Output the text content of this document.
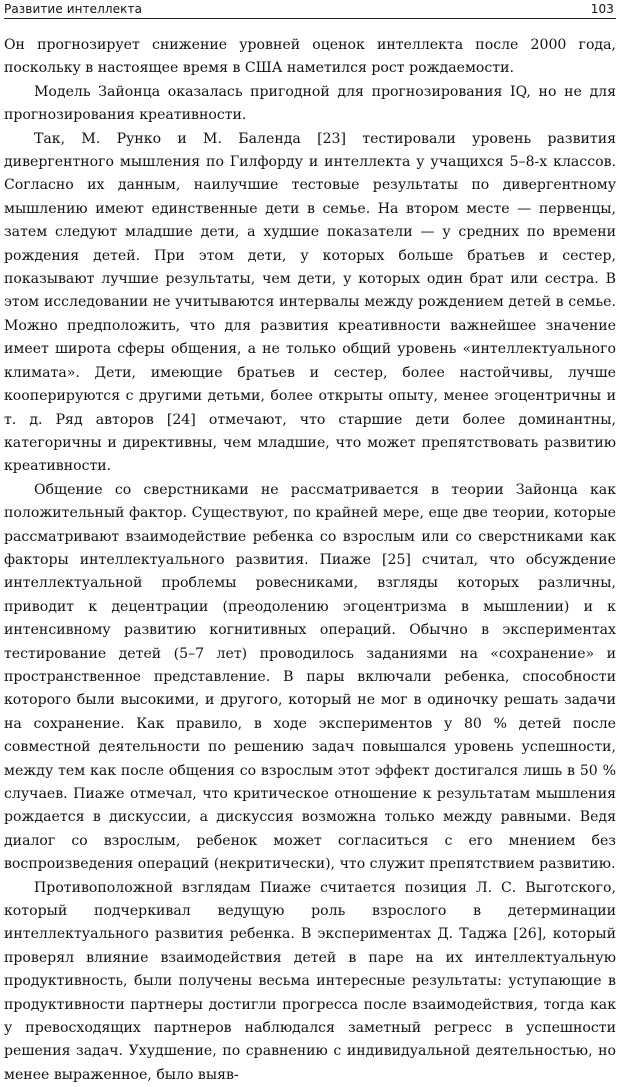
Развитие интеллекта	103

Он прогнозирует снижение уровней оценок интеллекта после 2000 года, поскольку в настоящее время в США наметился рост рождаемости.

Модель Зайонца оказалась пригодной для прогнозирования IQ, но не для прогнозирования креативности.

Так, М. Рунко и М. Баленда [23] тестировали уровень развития дивергентного мышления по Гилфорду и интеллекта у учащихся 5–8-х классов. Согласно их данным, наилучшие тестовые результаты по дивергентному мышлению имеют единственные дети в семье. На втором месте — первенцы, затем следуют младшие дети, а худшие показатели — у средних по времени рождения детей. При этом дети, у которых больше братьев и сестер, показывают лучшие результаты, чем дети, у которых один брат или сестра. В этом исследовании не учитываются интервалы между рождением детей в семье. Можно предположить, что для развития креативности важнейшее значение имеет широта сферы общения, а не только общий уровень «интеллектуального климата». Дети, имеющие братьев и сестер, более настойчивы, лучше кооперируются с другими детьми, более открыты опыту, менее эгоцентричны и т. д. Ряд авторов [24] отмечают, что старшие дети более доминантны, категоричны и директивны, чем младшие, что может препятствовать развитию креативности.

Общение со сверстниками не рассматривается в теории Зайонца как положительный фактор. Существуют, по крайней мере, еще две теории, которые рассматривают взаимодействие ребенка со взрослым или со сверстниками как факторы интеллектуального развития. Пиаже [25] считал, что обсуждение интеллектуальной проблемы ровесниками, взгляды которых различны, приводит к децентрации (преодолению эгоцентризма в мышлении) и к интенсивному развитию когнитивных операций. Обычно в экспериментах тестирование детей (5–7 лет) проводилось заданиями на «сохранение» и пространственное представление. В пары включали ребенка, способности которого были высокими, и другого, который не мог в одиночку решать задачи на сохранение. Как правило, в ходе экспериментов у 80 % детей после совместной деятельности по решению задач повышался уровень успешности, между тем как после общения со взрослым этот эффект достигался лишь в 50 % случаев. Пиаже отмечал, что критическое отношение к результатам мышления рождается в дискуссии, а дискуссия возможна только между равными. Ведя диалог со взрослым, ребенок может согласиться с его мнением без воспроизведения операций (некритически), что служит препятствием развитию.

Противоположной взглядам Пиаже считается позиция Л. С. Выготского, который подчеркивал ведущую роль взрослого в детерминации интеллектуального развития ребенка. В экспериментах Д. Таджа [26], который проверял влияние взаимодействия детей в паре на их интеллектуальную продуктивность, были получены весьма интересные результаты: уступающие в продуктивности партнеры достигли прогресса после взаимодействия, тогда как у превосходящих партнеров наблюдался заметный регресс в успешности решения задач. Ухудшение, по сравнению с индивидуальной деятельностью, но менее выраженное, было выяв-
